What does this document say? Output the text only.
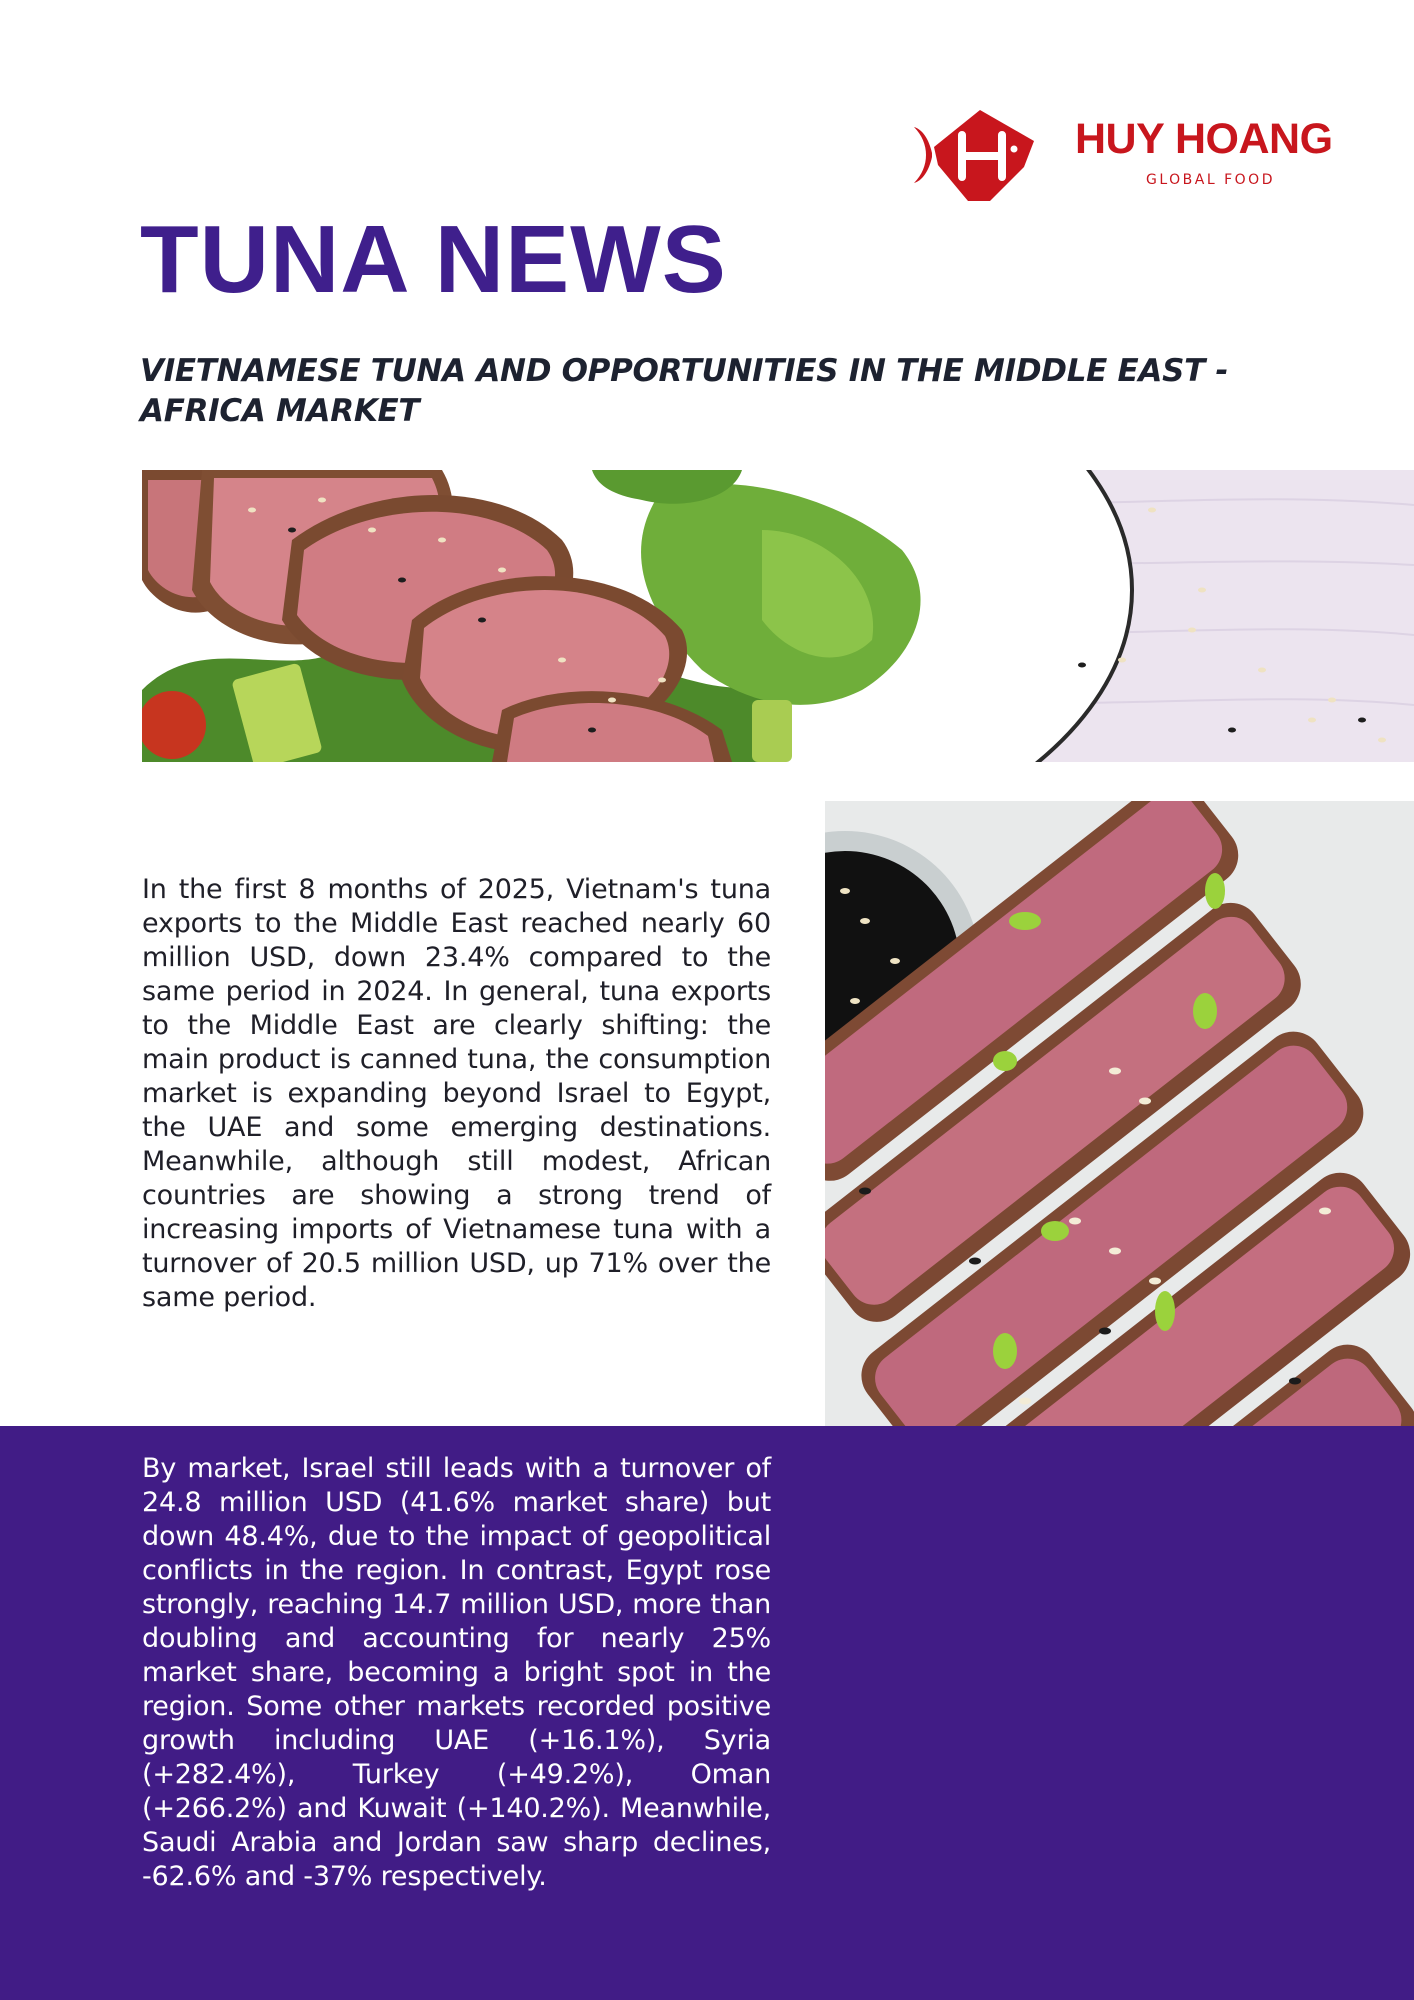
HUY HOANG
GLOBAL FOOD
TUNA NEWS
VIETNAMESE TUNA AND OPPORTUNITIES IN THE MIDDLE EAST - AFRICA MARKET

In the first 8 months of 2025, Vietnam's tuna exports to the Middle East reached nearly 60 million USD, down 23.4% compared to the same period in 2024. In general, tuna exports to the Middle East are clearly shifting: the main product is canned tuna, the consumption market is expanding beyond Israel to Egypt, the UAE and some emerging destinations. Meanwhile, although still modest, African countries are showing a strong trend of increasing imports of Vietnamese tuna with a turnover of 20.5 million USD, up 71% over the same period.

By market, Israel still leads with a turnover of 24.8 million USD (41.6% market share) but down 48.4%, due to the impact of geopolitical conflicts in the region. In contrast, Egypt rose strongly, reaching 14.7 million USD, more than doubling and accounting for nearly 25% market share, becoming a bright spot in the region. Some other markets recorded positive growth including UAE (+16.1%), Syria (+282.4%), Turkey (+49.2%), Oman (+266.2%) and Kuwait (+140.2%). Meanwhile, Saudi Arabia and Jordan saw sharp declines, -62.6% and -37% respectively.
